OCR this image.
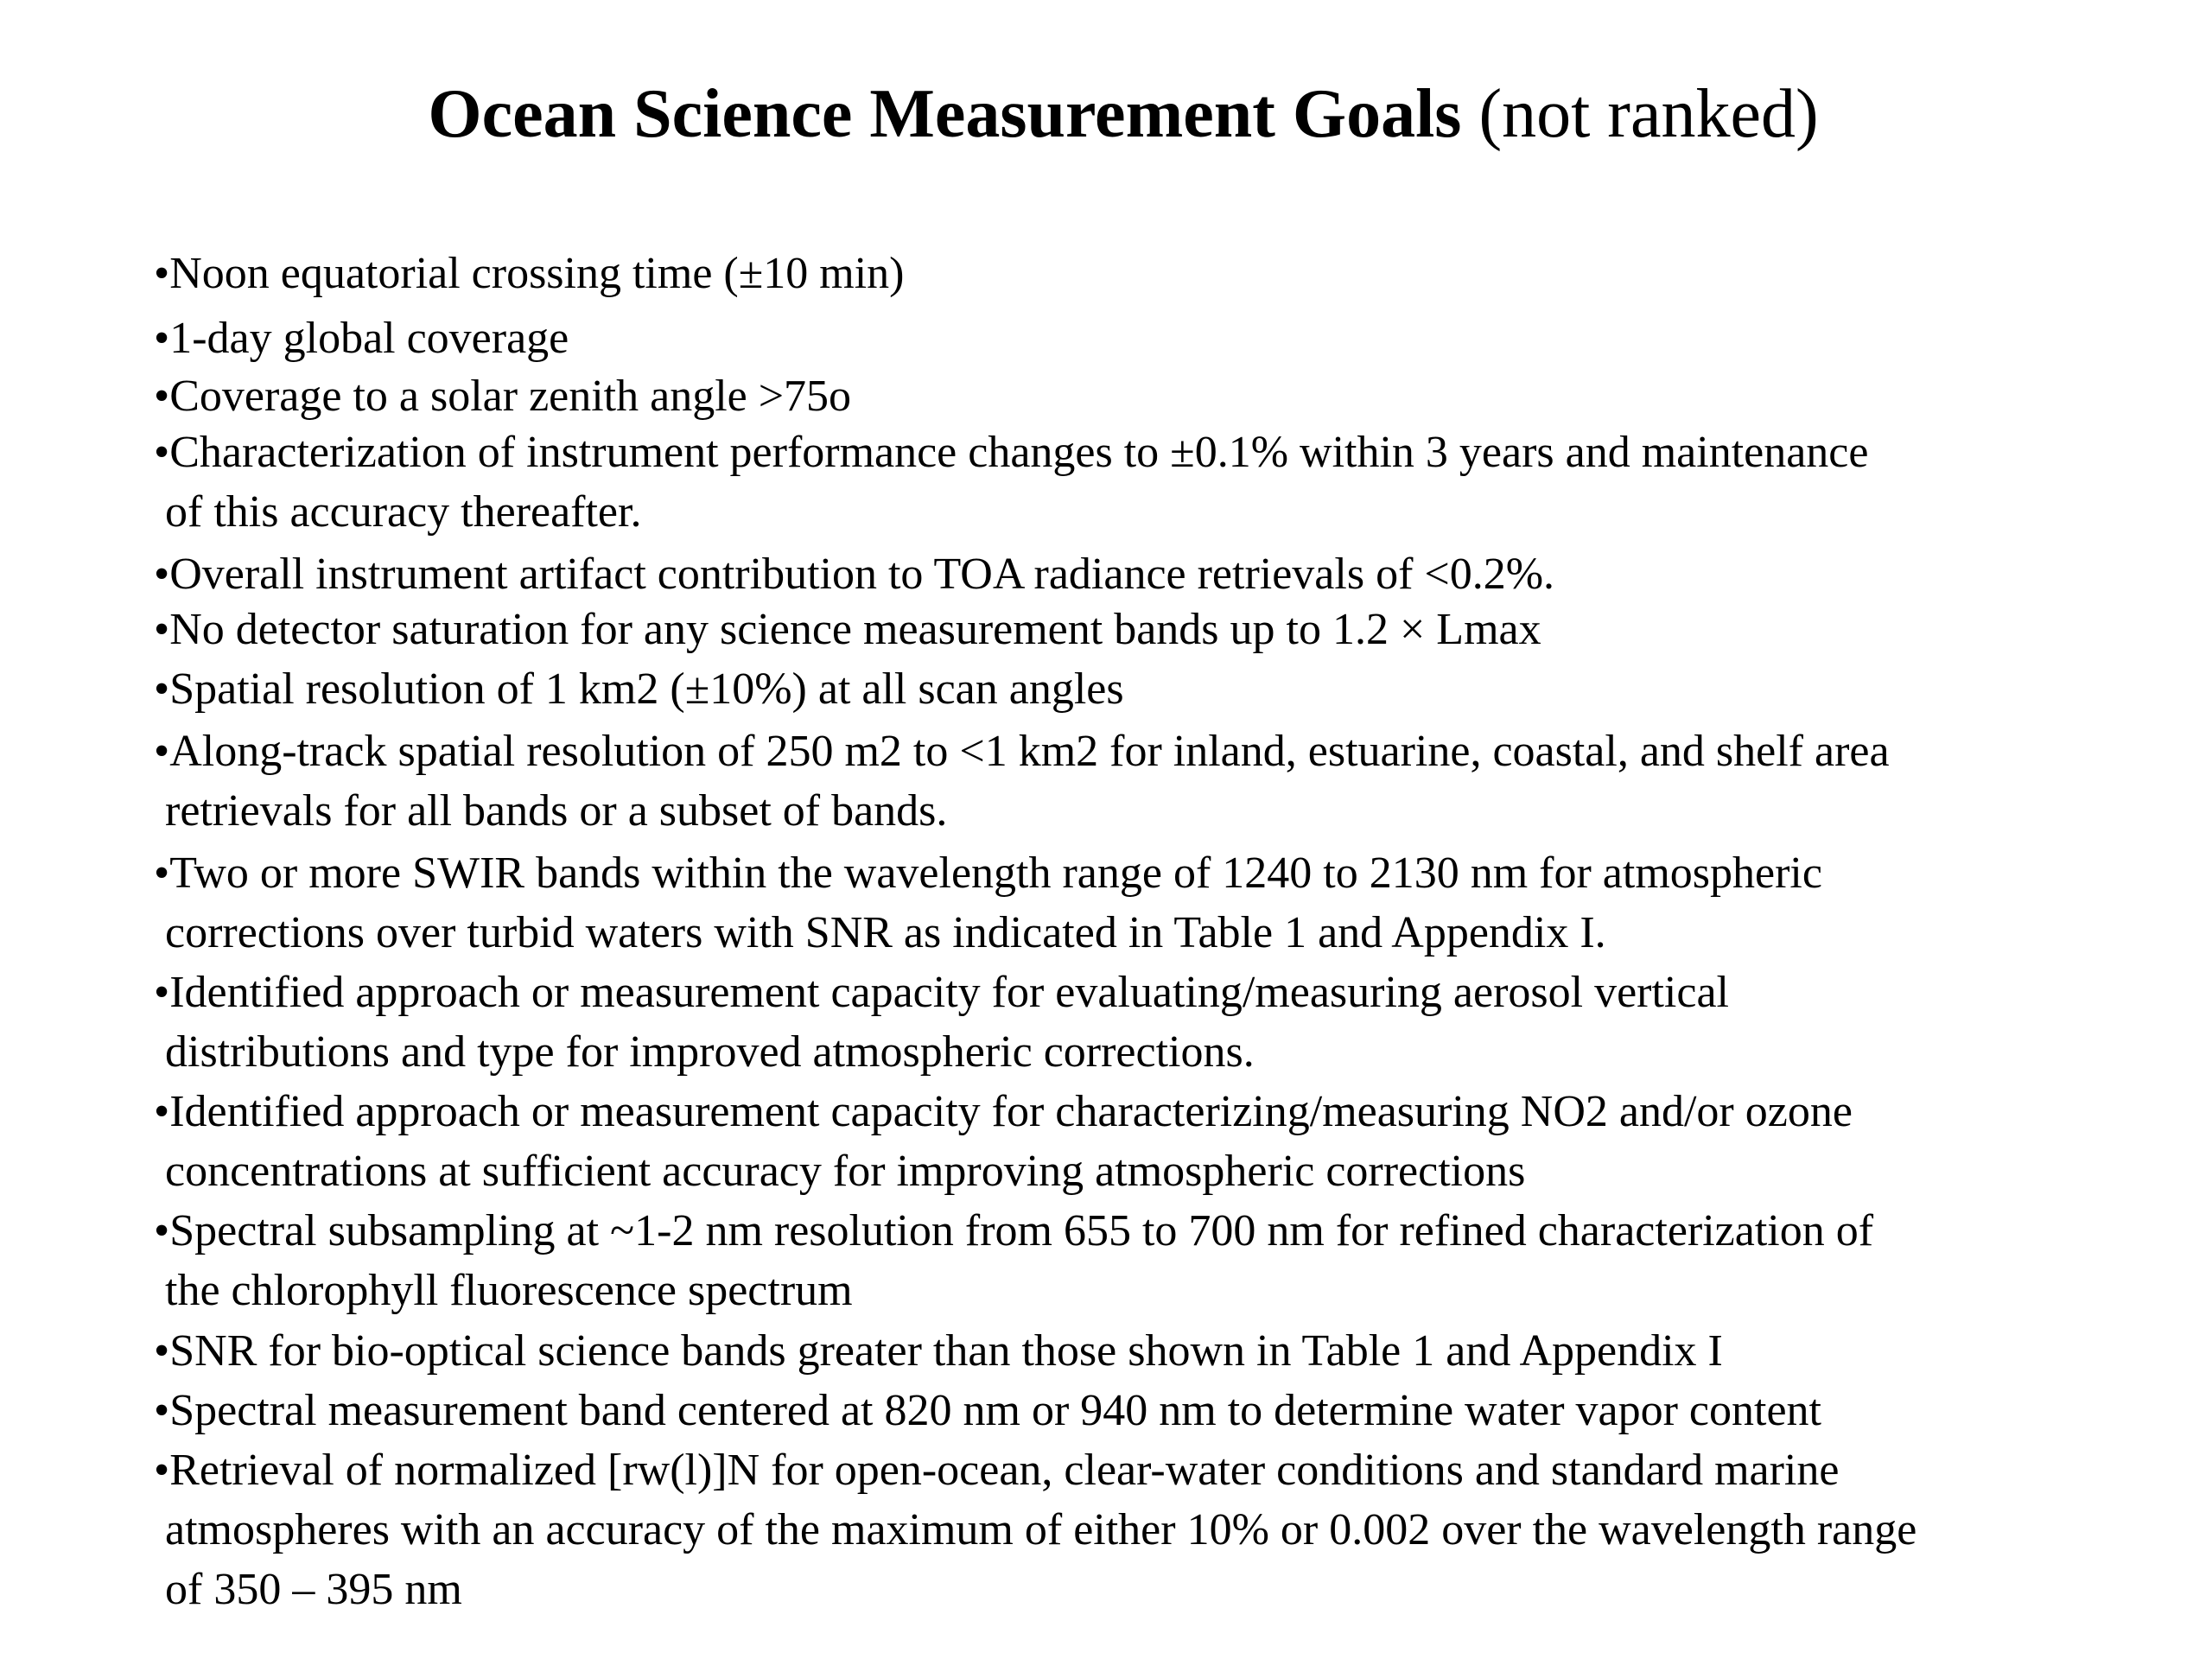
Ocean Science Measurement Goals (not ranked)
•Noon equatorial crossing time (±10 min)
•1-day global coverage
•Coverage to a solar zenith angle >75o
•Characterization of instrument performance changes to ±0.1% within 3 years and maintenance
of this accuracy thereafter.
•Overall instrument artifact contribution to TOA radiance retrievals of <0.2%.
•No detector saturation for any science measurement bands up to 1.2 × Lmax
•Spatial resolution of 1 km2 (±10%) at all scan angles
•Along-track spatial resolution of 250 m2 to <1 km2 for inland, estuarine, coastal, and shelf area
retrievals for all bands or a subset of bands.
•Two or more SWIR bands within the wavelength range of 1240 to 2130 nm for atmospheric
corrections over turbid waters with SNR as indicated in Table 1 and Appendix I.
•Identified approach or measurement capacity for evaluating/measuring aerosol vertical
distributions and type for improved atmospheric corrections.
•Identified approach or measurement capacity for characterizing/measuring NO2 and/or ozone
concentrations at sufficient accuracy for improving atmospheric corrections
•Spectral subsampling at ~1-2 nm resolution from 655 to 700 nm for refined characterization of
the chlorophyll fluorescence spectrum
•SNR for bio-optical science bands greater than those shown in Table 1 and Appendix I
•Spectral measurement band centered at 820 nm or 940 nm to determine water vapor content
•Retrieval of normalized [rw(l)]N for open-ocean, clear-water conditions and standard marine
atmospheres with an accuracy of the maximum of either 10% or 0.002 over the wavelength range
of 350 – 395 nm
